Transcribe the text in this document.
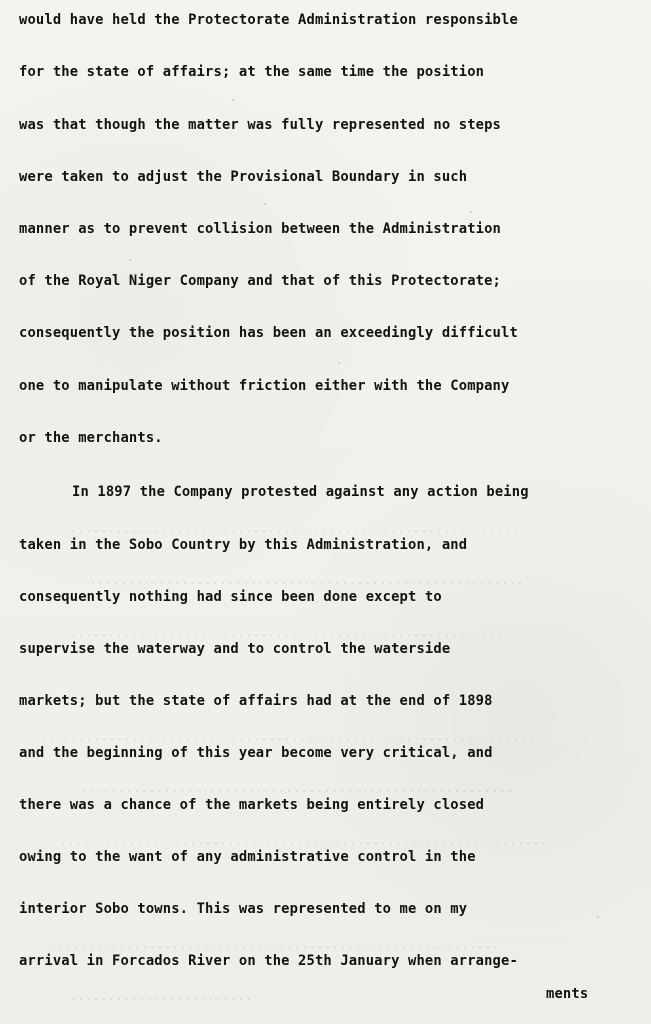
...........................................................
.........................................................
.........................................................
.................................................................
.........................................................
................................................................
...........................................................
........................
would have held the Protectorate Administration responsible
for the state of affairs; at the same time the position
was that though the matter was fully represented no steps
were taken to adjust the Provisional Boundary in such
manner as to prevent collision between the Administration
of the Royal Niger Company and that of this Protectorate;
consequently the position has been an exceedingly difficult
one to manipulate without friction either with the Company
or the merchants.
In 1897 the Company protested against any action being
taken in the Sobo Country by this Administration, and
consequently nothing had since been done except to
supervise the waterway and to control the waterside
markets; but the state of affairs had at the end of 1898
and the beginning of this year become very critical, and
there was a chance of the markets being entirely closed
owing to the want of any administrative control in the
interior Sobo towns. This was represented to me on my
arrival in Forcados River on the 25th January when arrange-
ments
